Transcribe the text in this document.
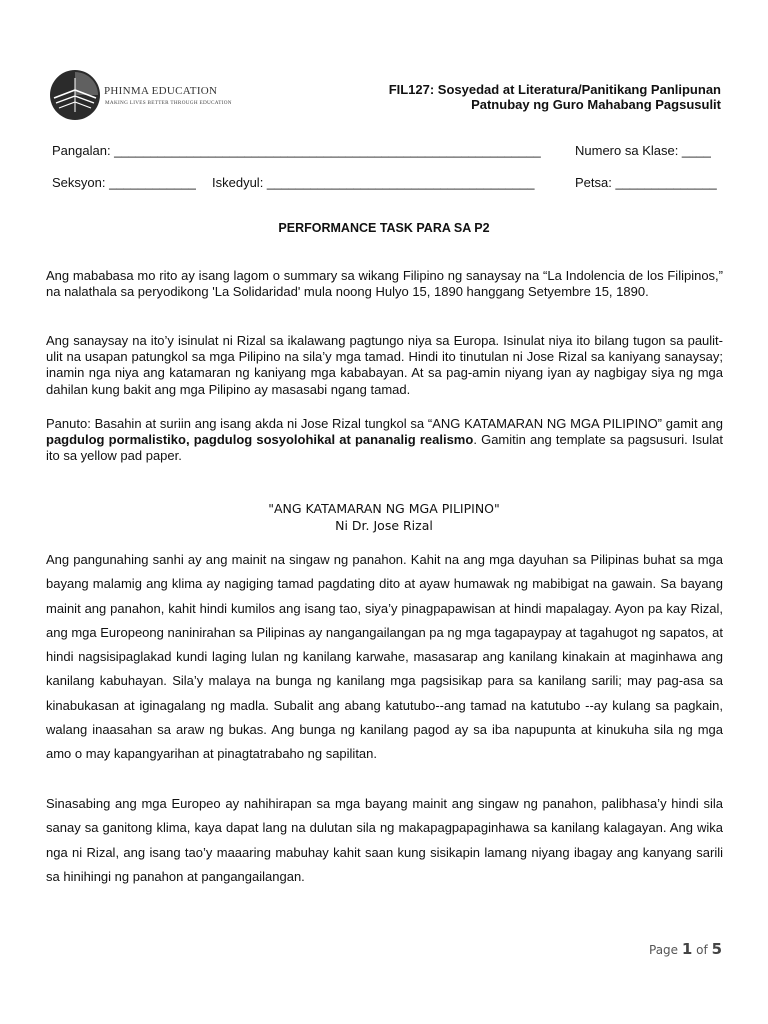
PHINMA EDUCATION
MAKING LIVES BETTER THROUGH EDUCATION
FIL127: Sosyedad at Literatura/Panitikang Panlipunan
Patnubay ng Guro Mahabang Pagsusulit
Pangalan: ___________________________________________________________	Numero sa Klase: ____
Seksyon: ____________ Iskedyul: _____________________________________	Petsa: ______________
PERFORMANCE TASK PARA SA P2
Ang mababasa mo rito ay isang lagom o summary sa wikang Filipino ng sanaysay na “La Indolencia de los Filipinos,” na nalathala sa peryodikong 'La Solidaridad' mula noong Hulyo 15, 1890 hanggang Setyembre 15, 1890.
Ang sanaysay na ito’y isinulat ni Rizal sa ikalawang pagtungo niya sa Europa. Isinulat niya ito bilang tugon sa paulit-ulit na usapan patungkol sa mga Pilipino na sila’y mga tamad. Hindi ito tinutulan ni Jose Rizal sa kaniyang sanaysay; inamin nga niya ang katamaran ng kaniyang mga kababayan. At sa pag-amin niyang iyan ay nagbigay siya ng mga dahilan kung bakit ang mga Pilipino ay masasabi ngang tamad.
Panuto: Basahin at suriin ang isang akda ni Jose Rizal tungkol sa “ANG KATAMARAN NG MGA PILIPINO” gamit ang pagdulog pormalistiko, pagdulog sosyolohikal at pananalig realismo. Gamitin ang template sa pagsusuri. Isulat ito sa yellow pad paper.
"ANG KATAMARAN NG MGA PILIPINO"
Ni Dr. Jose Rizal
Ang pangunahing sanhi ay ang mainit na singaw ng panahon. Kahit na ang mga dayuhan sa Pilipinas buhat sa mga bayang malamig ang klima ay nagiging tamad pagdating dito at ayaw humawak ng mabibigat na gawain. Sa bayang mainit ang panahon, kahit hindi kumilos ang isang tao, siya’y pinagpapawisan at hindi mapalagay. Ayon pa kay Rizal, ang mga Europeong naninirahan sa Pilipinas ay nangangailangan pa ng mga tagapaypay at tagahugot ng sapatos, at hindi nagsisipaglakad kundi laging lulan ng kanilang karwahe, masasarap ang kanilang kinakain at maginhawa ang kanilang kabuhayan. Sila’y malaya na bunga ng kanilang mga pagsisikap para sa kanilang sarili; may pag-asa sa kinabukasan at iginagalang ng madla. Subalit ang abang katutubo--ang tamad na katutubo --ay kulang sa pagkain, walang inaasahan sa araw ng bukas. Ang bunga ng kanilang pagod ay sa iba napupunta at kinukuha sila ng mga amo o may kapangyarihan at pinagtatrabaho ng sapilitan.
Sinasabing ang mga Europeo ay nahihirapan sa mga bayang mainit ang singaw ng panahon, palibhasa’y hindi sila sanay sa ganitong klima, kaya dapat lang na dulutan sila ng makapagpapaginhawa sa kanilang kalagayan. Ang wika nga ni Rizal, ang isang tao’y maaaring mabuhay kahit saan kung sisikapin lamang niyang ibagay ang kanyang sarili sa hinihingi ng panahon at pangangailangan.
Page 1 of 5
